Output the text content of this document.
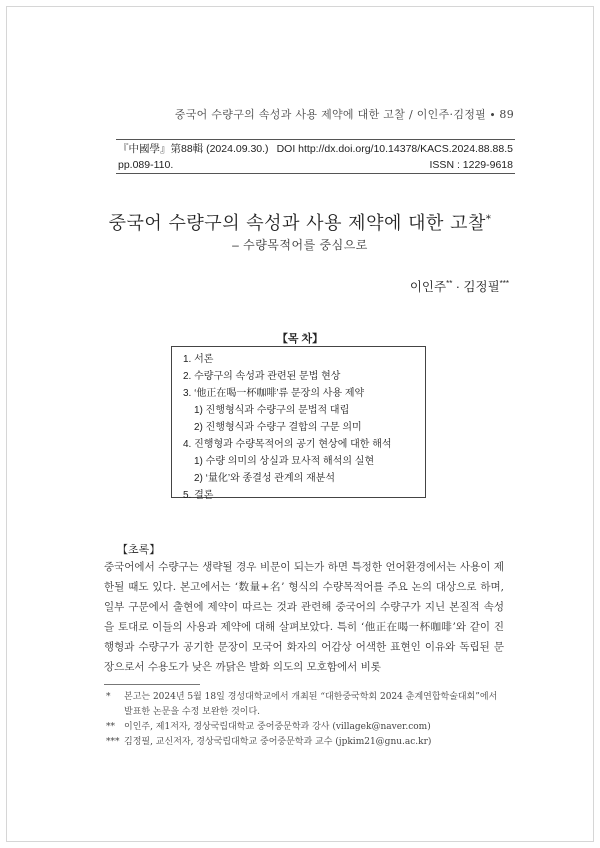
중국어 수량구의 속성과 사용 제약에 대한 고찰 / 이인주·김정필 ∙ 89
『中國學』第88輯 (2024.09.30.) DOI http://dx.doi.org/10.14378/KACS.2024.88.88.5
pp.089-110.	ISSN : 1229-9618
중국어 수량구의 속성과 사용 제약에 대한 고찰*
– 수량목적어를 중심으로
이인주** · 김정필***
【목 차】
1. 서론
2. 수량구의 속성과 관련된 문법 현상
3. ‘他正在喝一杯咖啡’류 문장의 사용 제약
1) 진행형식과 수량구의 문법적 대립
2) 진행형식과 수량구 결합의 구문 의미
4. 진행형과 수량목적어의 공기 현상에 대한 해석
1) 수량 의미의 상실과 묘사적 해석의 실현
2) ‘量化’와 종결성 관계의 재분석
5. 결론
【초록】

중국어에서 수량구는 생략될 경우 비문이 되는가 하면 특정한 언어환경에서는 사용이 제한될 때도 있다. 본고에서는 ‘数量+名’ 형식의 수량목적어를 주요 논의 대상으로 하며, 일부 구문에서 출현에 제약이 따르는 것과 관련해 중국어의 수량구가 지닌 본질적 속성을 토대로 이들의 사용과 제약에 대해 살펴보았다. 특히 ‘他正在喝一杯咖啡’와 같이 진행형과 수량구가 공기한 문장이 모국어 화자의 어감상 어색한 표현인 이유와 독립된 문장으로서 수용도가 낮은 까닭은 발화 의도의 모호함에서 비롯

*	본고는 2024년 5월 18일 경성대학교에서 개최된 “대한중국학회 2024 춘계연합학술대회”에서 발표한 논문을 수정 보완한 것이다.
**	이인주, 제1저자, 경상국립대학교 중어중문학과 강사 (villagek@naver.com)
*** 김정필, 교신저자, 경상국립대학교 중어중문학과 교수 (jpkim21@gnu.ac.kr)
